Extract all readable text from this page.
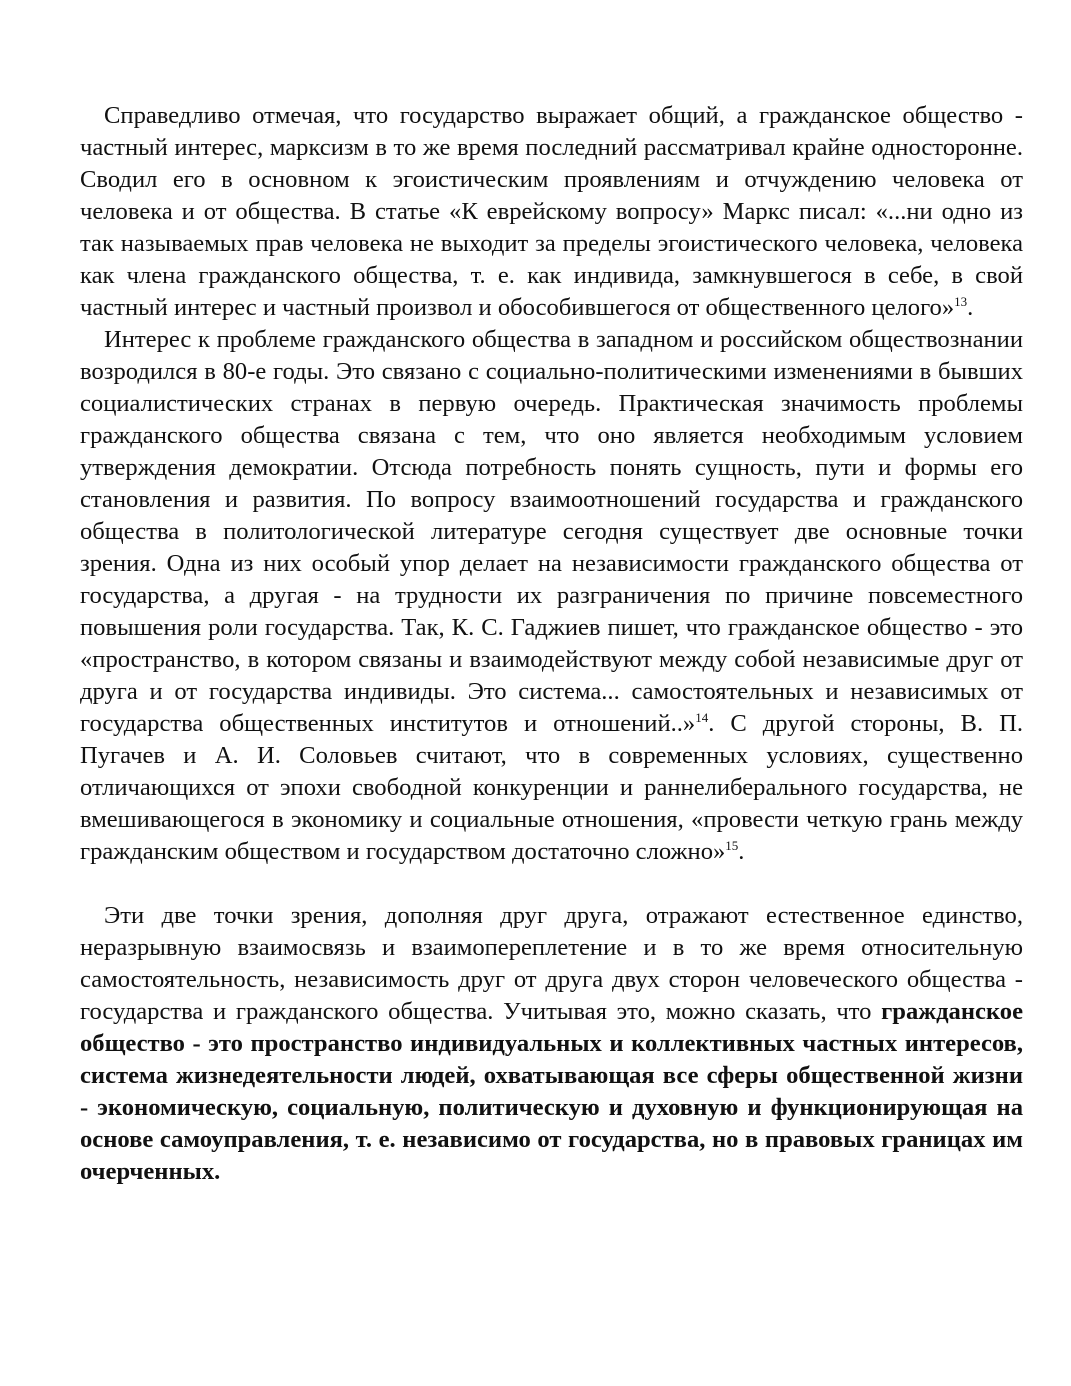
Справедливо отмечая, что государство выражает общий, а гражданское общество - частный интерес, марксизм в то же время последний рассматривал крайне односторонне. Сводил его в основном к эгоистическим проявлениям и отчуждению человека от человека и от общества. В статье «К еврейскому вопросу» Маркс писал: «...ни одно из так называемых прав человека не выходит за пределы эгоистического человека, человека как члена гражданского общества, т. е. как индивида, замкнувшегося в себе, в свой частный интерес и частный произвол и обособившегося от общественного целого»$^{13}$.

Интерес к проблеме гражданского общества в западном и российском обществознании возродился в 80-е годы. Это связано с социально-политическими изменениями в бывших социалистических странах в первую очередь. Практическая значимость проблемы гражданского общества связана с тем, что оно является необходимым условием утверждения демократии. Отсюда потребность понять сущность, пути и формы его становления и развития. По вопросу взаимоотношений государства и гражданского общества в политологической литературе сегодня существует две основные точки зрения. Одна из них особый упор делает на независимости гражданского общества от государства, а другая - на трудности их разграничения по причине повсеместного повышения роли государства. Так, К. С. Гаджиев пишет, что гражданское общество - это «пространство, в котором связаны и взаимодействуют между собой независимые друг от друга и от государства индивиды. Это система... самостоятельных и независимых от государства общественных институтов и отношений..»$^{14}$. С другой стороны, В. П. Пугачев и А. И. Соловьев считают, что в современных условиях, существенно отличающихся от эпохи свободной конкуренции и раннелиберального государства, не вмешивающегося в экономику и социальные отношения, «провести четкую грань между гражданским обществом и государством достаточно сложно»$^{15}$.

Эти две точки зрения, дополняя друг друга, отражают естественное единство, неразрывную взаимосвязь и взаимопереплетение и в то же время относительную самостоятельность, независимость друг от друга двух сторон человеческого общества - государства и гражданского общества. Учитывая это, можно сказать, что гражданское общество - это пространство индивидуальных и коллективных частных интересов, система жизнедеятельности людей, охватывающая все сферы общественной жизни - экономическую, социальную, политическую и духовную и функционирующая на основе самоуправления, т. е. независимо от государства, но в правовых границах им очерченных.
